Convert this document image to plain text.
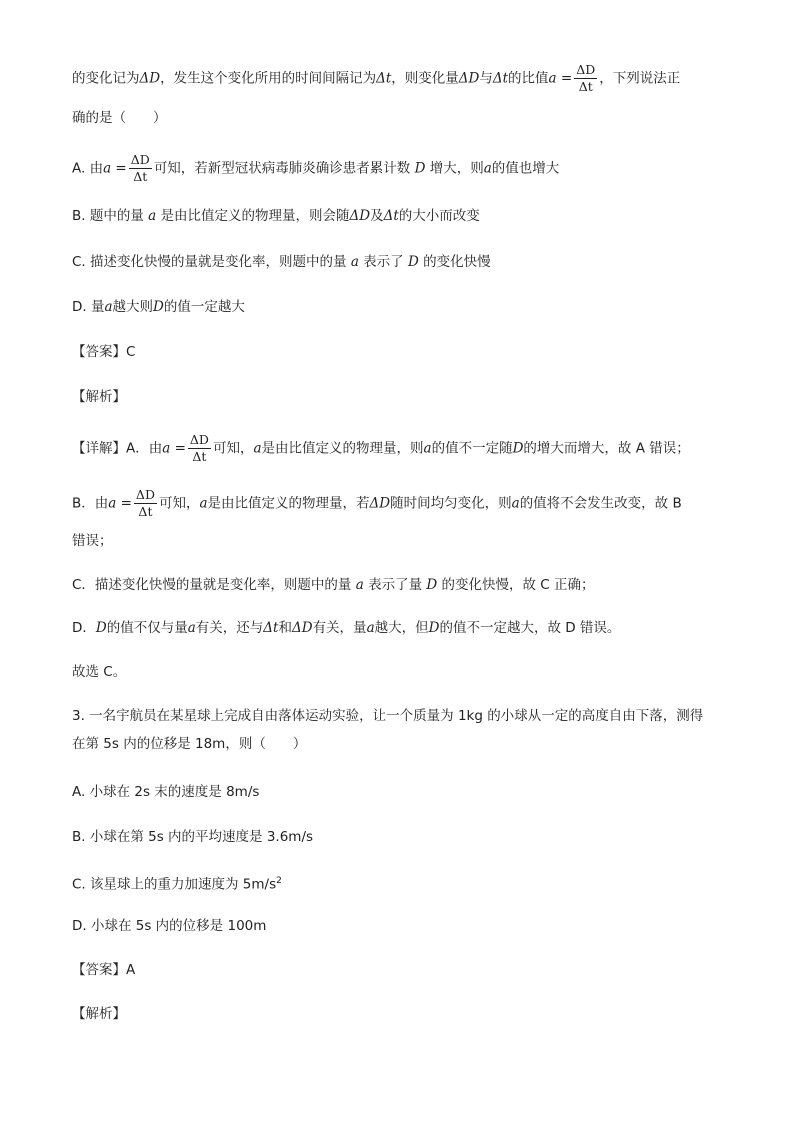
的变化记为ΔD，发生这个变化所用的时间间隔记为Δt，则变化量ΔD与Δt的比值$a = \frac{\Delta D}{\Delta t}$ ，下列说法正
确的是（　　）
A. 由$a = \frac{\Delta D}{\Delta t}$ 可知，若新型冠状病毒肺炎确诊患者累计数 D 增大，则a的值也增大
B. 题中的量 a 是由比值定义的物理量，则会随ΔD及Δt的大小而改变
C. 描述变化快慢的量就是变化率，则题中的量 a 表示了 D 的变化快慢
D. 量a越大则D的值一定越大
【答案】C
【解析】
【详解】A．由$a = \frac{\Delta D}{\Delta t}$ 可知，a是由比值定义的物理量，则a的值不一定随D的增大而增大，故 A 错误；
B．由$a = \frac{\Delta D}{\Delta t}$ 可知，a是由比值定义的物理量，若ΔD随时间均匀变化，则a的值将不会发生改变，故 B
错误；
C．描述变化快慢的量就是变化率，则题中的量 a 表示了量 D 的变化快慢，故 C 正确；
D．D的值不仅与量a有关，还与Δt和ΔD有关，量a越大，但D的值不一定越大，故 D 错误。
故选 C。
3. 一名宇航员在某星球上完成自由落体运动实验，让一个质量为 1kg 的小球从一定的高度自由下落，测得
在第 5s 内的位移是 18m，则（　　）
A. 小球在 2s 末的速度是 8m/s
B. 小球在第 5s 内的平均速度是 3.6m/s
C. 该星球上的重力加速度为 $5m/s^2$
D. 小球在 5s 内的位移是 100m
【答案】A
【解析】
